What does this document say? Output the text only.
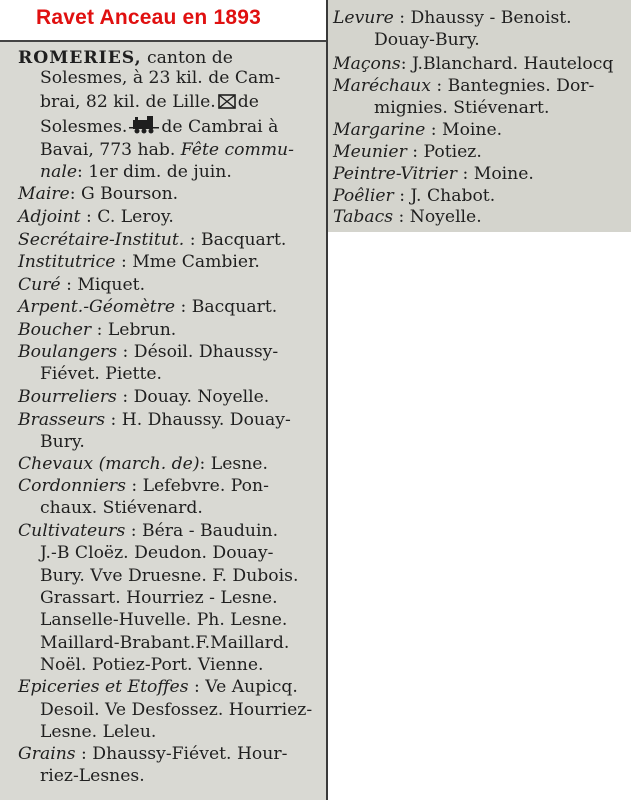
ROMERIES, canton de
Solesmes, à 23 kil. de Cam-
brai, 82 kil. de Lille. de
Solesmes. de Cambrai à
Bavai, 773 hab. Fête commu-
nale: 1er dim. de juin.
Maire: G Bourson.
Adjoint : C. Leroy.
Secrétaire-Institut. : Bacquart.
Institutrice : Mme Cambier.
Curé : Miquet.
Arpent.-Géomètre : Bacquart.
Boucher : Lebrun.
Boulangers : Désoil. Dhaussy-
Fiévet. Piette.
Bourreliers : Douay. Noyelle.
Brasseurs : H. Dhaussy. Douay-
Bury.
Chevaux (march. de): Lesne.
Cordonniers : Lefebvre. Pon-
chaux. Stiévenard.
Cultivateurs : Béra - Bauduin.
J.-B Cloëz. Deudon. Douay-
Bury. Vve Druesne. F. Dubois.
Grassart. Hourriez - Lesne.
Lanselle-Huvelle. Ph. Lesne.
Maillard-Brabant.F.Maillard.
Noël. Potiez-Port. Vienne.
Epiceries et Etoffes : Ve Aupicq.
Desoil. Ve Desfossez. Hourriez-
Lesne. Leleu.
Grains : Dhaussy-Fiévet. Hour-
riez-Lesnes.
Levure : Dhaussy - Benoist.
Douay-Bury.
Maçons: J.Blanchard. Hautelocq
Maréchaux : Bantegnies. Dor-
mignies. Stiévenart.
Margarine : Moine.
Meunier : Potiez.
Peintre-Vitrier : Moine.
Poêlier : J. Chabot.
Tabacs : Noyelle.
Ravet Anceau en 1893
